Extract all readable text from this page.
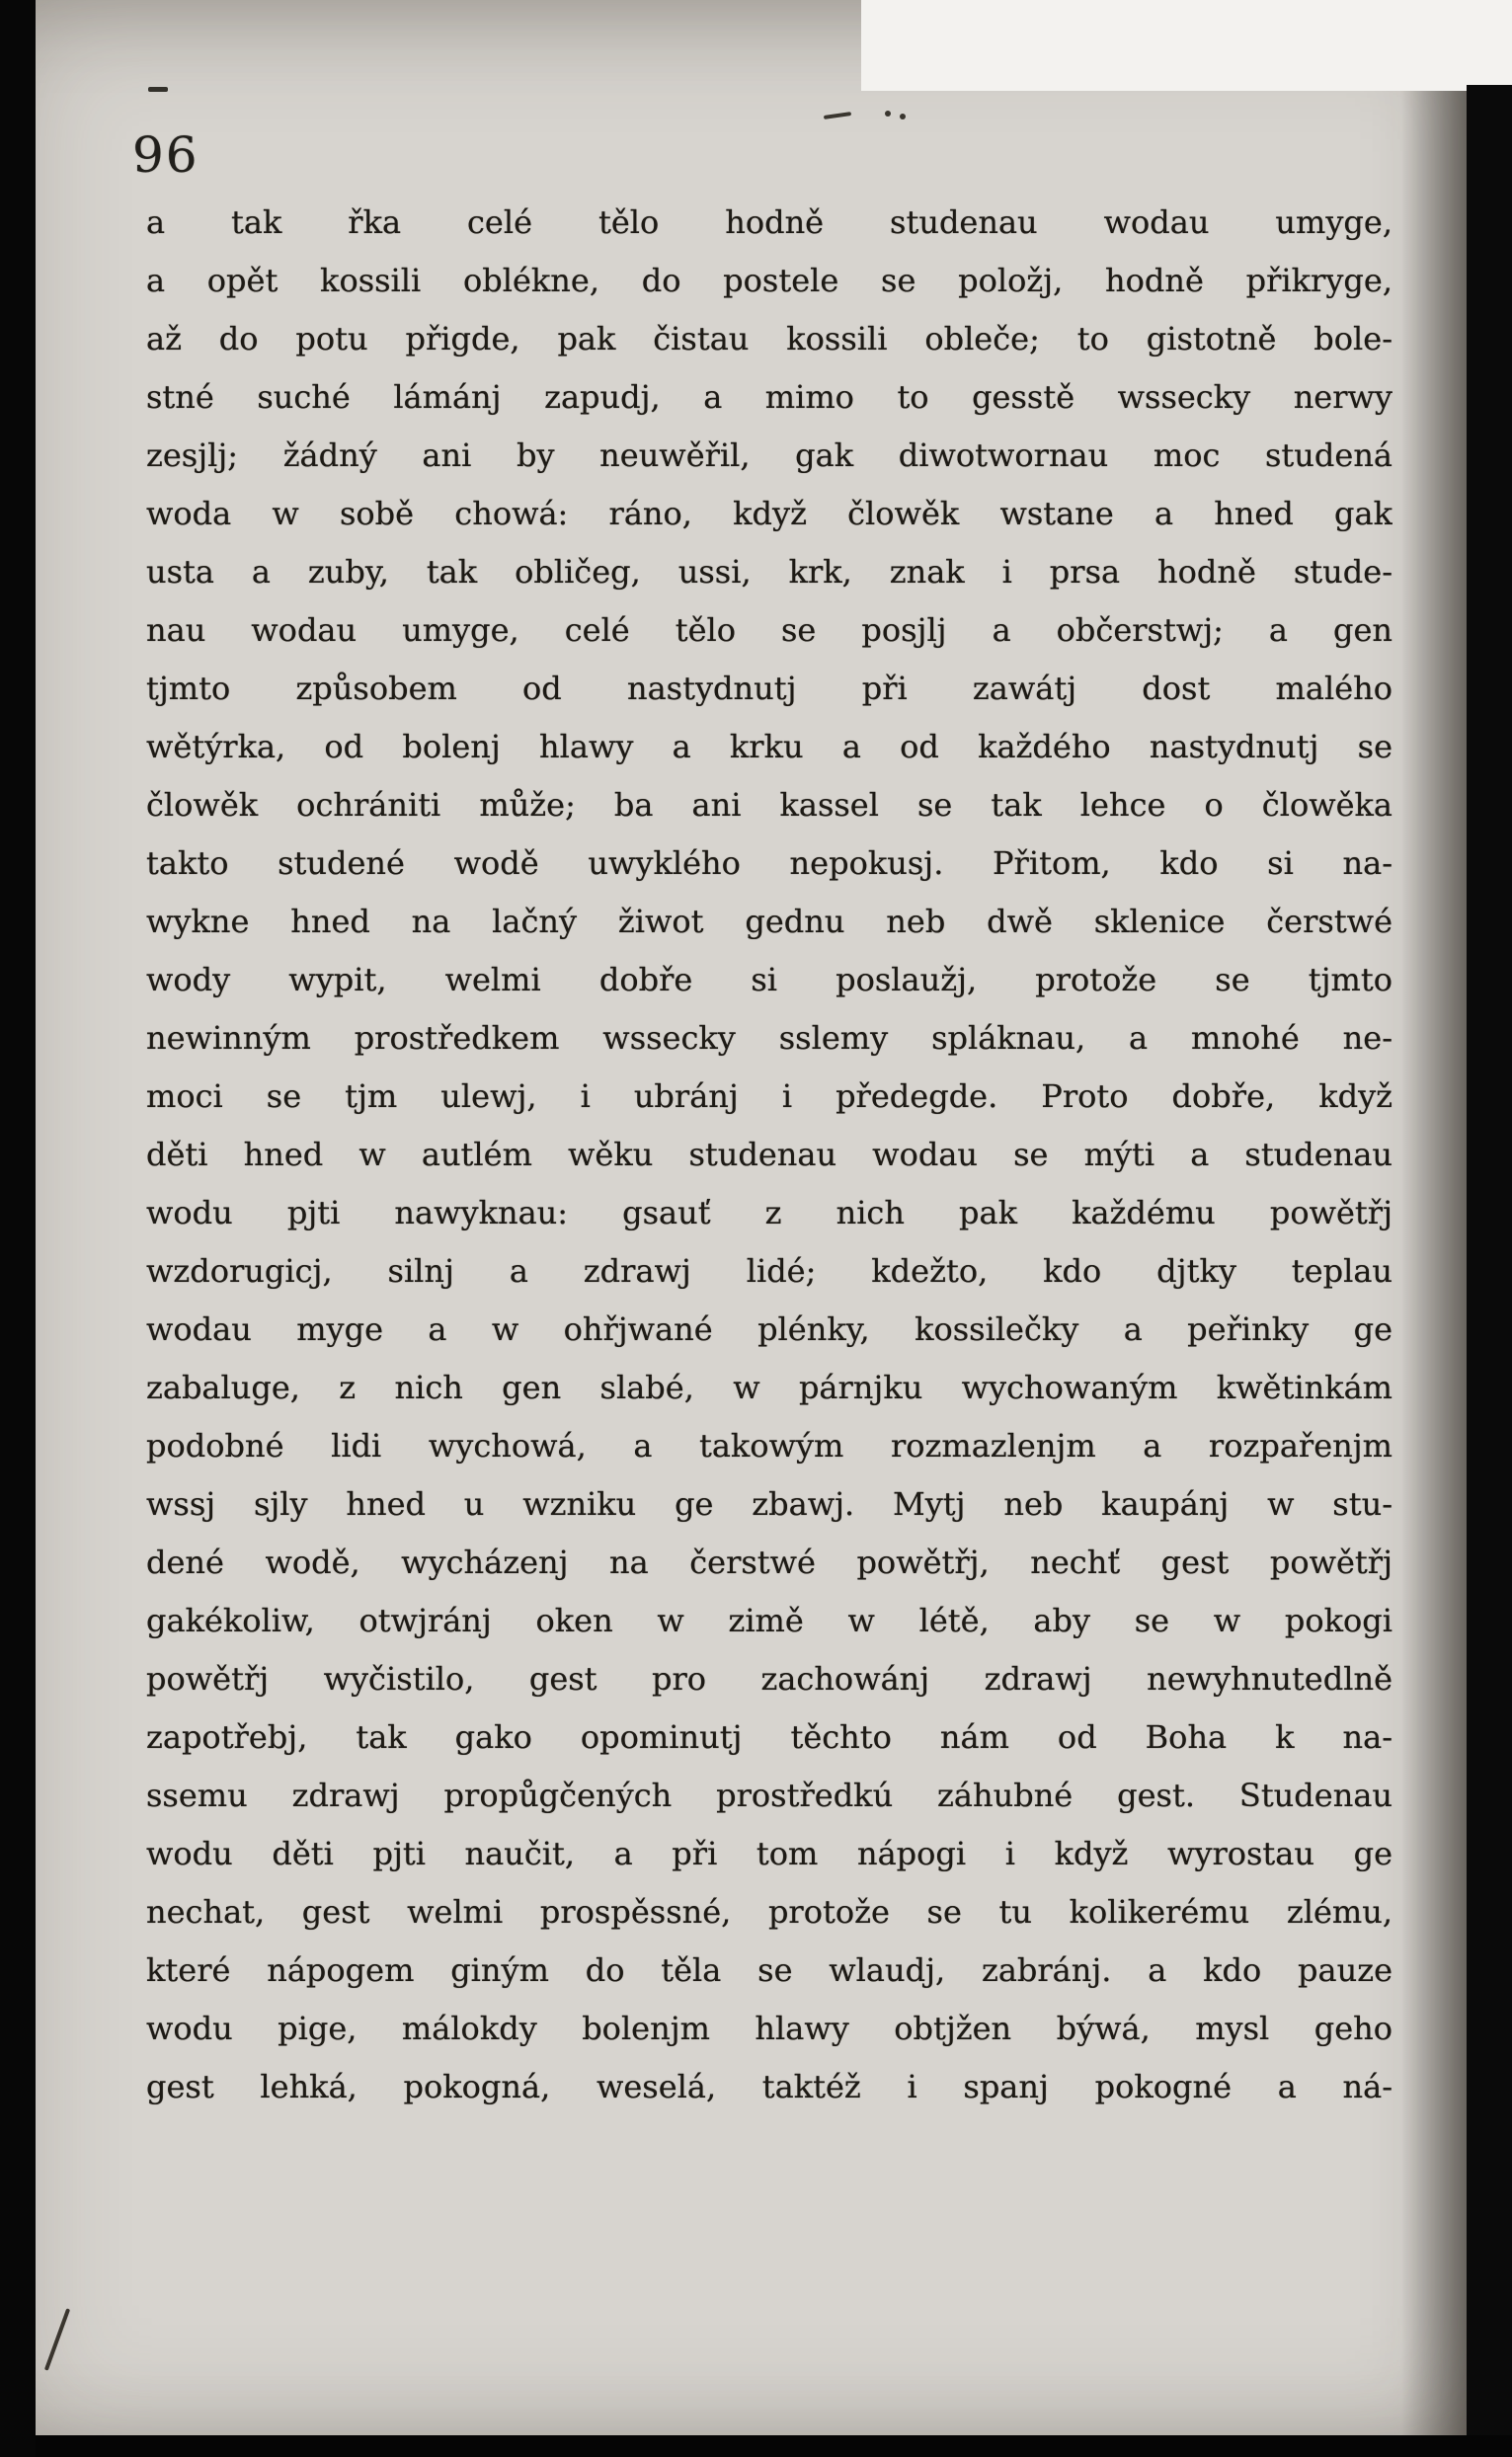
96

a tak řka celé tělo hodně studenau wodau umyge,

a opět kossili oblékne, do postele se položj, hodně přikryge,

až do potu přigde, pak čistau kossili obleče; to gistotně bole-

stné suché lámánj zapudj, a mimo to gesstě wssecky nerwy

zesjlj; žádný ani by neuwěřil, gak diwotwornau moc studená

woda w sobě chowá: ráno, když člowěk wstane a hned gak

usta a zuby, tak obličeg, ussi, krk, znak i prsa hodně stude-

nau wodau umyge, celé tělo se posjlj a občerstwj; a gen

tjmto způsobem od nastydnutj při zawátj dost malého

wětýrka, od bolenj hlawy a krku a od každého nastydnutj se

člowěk ochrániti může; ba ani kassel se tak lehce o člowěka

takto studené wodě uwyklého nepokusj. Přitom, kdo si na-

wykne hned na lačný žiwot gednu neb dwě sklenice čerstwé

wody wypit, welmi dobře si poslaužj, protože se tjmto

newinným prostředkem wssecky sslemy spláknau, a mnohé ne-

moci se tjm ulewj, i ubránj i předegde. Proto dobře, když

děti hned w autlém wěku studenau wodau se mýti a studenau

wodu pjti nawyknau: gsauť z nich pak každému powětřj

wzdorugicj, silnj a zdrawj lidé; kdežto, kdo djtky teplau

wodau myge a w ohřjwané plénky, kossilečky a peřinky ge

zabaluge, z nich gen slabé, w párnjku wychowaným kwětinkám

podobné lidi wychowá, a takowým rozmazlenjm a rozpařenjm

wssj sjly hned u wzniku ge zbawj. Mytj neb kaupánj w stu-

dené wodě, wycházenj na čerstwé powětřj, nechť gest powětřj

gakékoliw, otwjránj oken w zimě w létě, aby se w pokogi

powětřj wyčistilo, gest pro zachowánj zdrawj newyhnutedlně

zapotřebj, tak gako opominutj těchto nám od Boha k na-

ssemu zdrawj propůgčených prostředkú záhubné gest. Studenau

wodu děti pjti naučit, a při tom nápogi i když wyrostau ge

nechat, gest welmi prospěssné, protože se tu kolikerému zlému,

které nápogem giným do těla se wlaudj, zabránj. a kdo pauze

wodu pige, málokdy bolenjm hlawy obtjžen býwá, mysl geho

gest lehká, pokogná, weselá, taktéž i spanj pokogné a ná-
